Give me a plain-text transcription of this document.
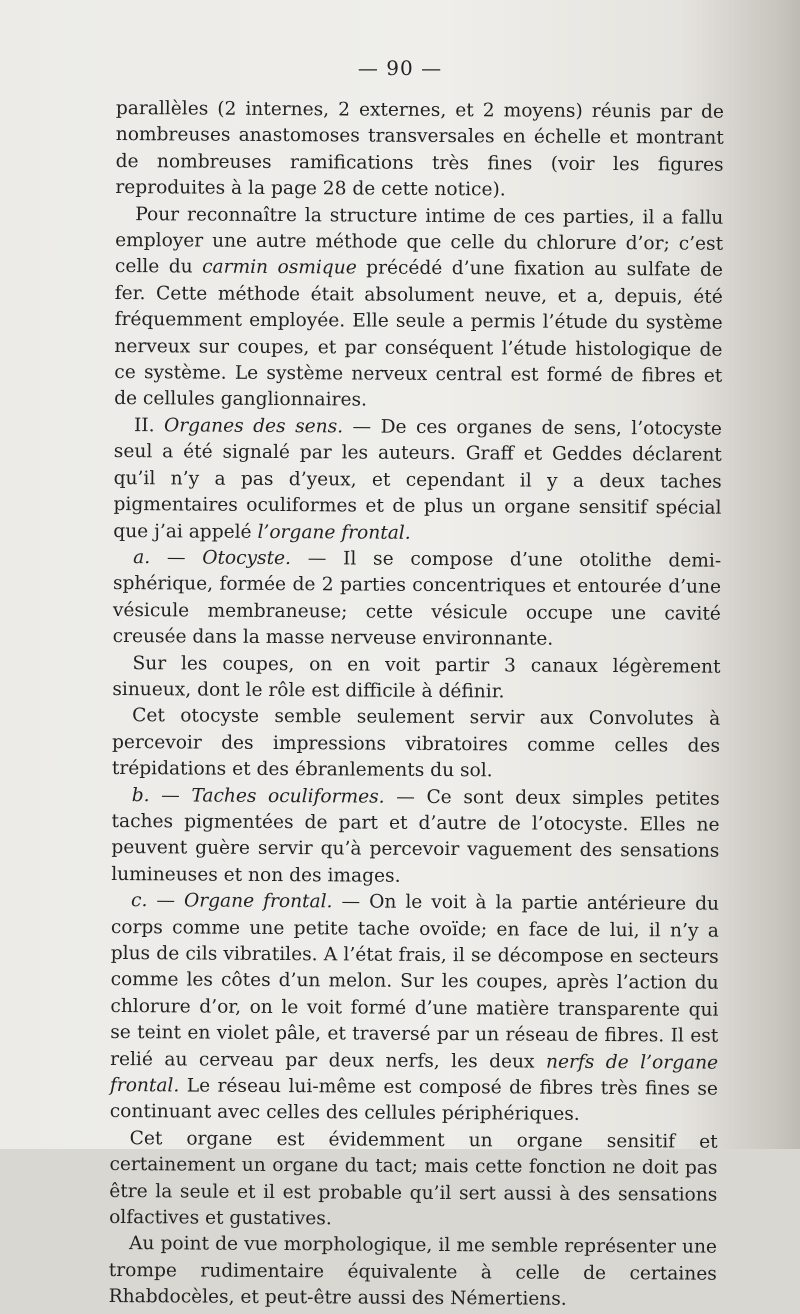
— 90 —

parallèles (2 internes, 2 externes, et 2 moyens) réunis par de nombreuses anastomoses transversales en échelle et montrant de nombreuses ramifications très fines (voir les figures reproduites à la page 28 de cette notice).

Pour reconnaître la structure intime de ces parties, il a fallu employer une autre méthode que celle du chlorure d’or; c’est celle du carmin osmique précédé d’une fixation au sulfate de fer. Cette méthode était absolument neuve, et a, depuis, été fréquemment employée. Elle seule a permis l’étude du système nerveux sur coupes, et par conséquent l’étude histologique de ce système. Le système nerveux central est formé de fibres et de cellules ganglionnaires.

II. Organes des sens. — De ces organes de sens, l’otocyste seul a été signalé par les auteurs. Graff et Geddes déclarent qu’il n’y a pas d’yeux, et cependant il y a deux taches pigmentaires oculiformes et de plus un organe sensitif spécial que j’ai appelé l’organe frontal.

a. — Otocyste. — Il se compose d’une otolithe demi-sphérique, formée de 2 parties concentriques et entourée d’une vésicule membraneuse; cette vésicule occupe une cavité creusée dans la masse nerveuse environnante.

Sur les coupes, on en voit partir 3 canaux légèrement sinueux, dont le rôle est difficile à définir.

Cet otocyste semble seulement servir aux Convolutes à percevoir des impressions vibratoires comme celles des trépidations et des ébranlements du sol.

b. — Taches oculiformes. — Ce sont deux simples petites taches pigmentées de part et d’autre de l’otocyste. Elles ne peuvent guère servir qu’à percevoir vaguement des sensations lumineuses et non des images.

c. — Organe frontal. — On le voit à la partie antérieure du corps comme une petite tache ovoïde; en face de lui, il n’y a plus de cils vibratiles. A l’état frais, il se décompose en secteurs comme les côtes d’un melon. Sur les coupes, après l’action du chlorure d’or, on le voit formé d’une matière transparente qui se teint en violet pâle, et traversé par un réseau de fibres. Il est relié au cerveau par deux nerfs, les deux nerfs de l’organe frontal. Le réseau lui-même est composé de fibres très fines se continuant avec celles des cellules périphériques.

Cet organe est évidemment un organe sensitif et certainement un organe du tact; mais cette fonction ne doit pas être la seule et il est probable qu’il sert aussi à des sensations olfactives et gustatives.

Au point de vue morphologique, il me semble représenter une trompe rudimentaire équivalente à celle de certaines Rhabdocèles, et peut-être aussi des Némertiens.
